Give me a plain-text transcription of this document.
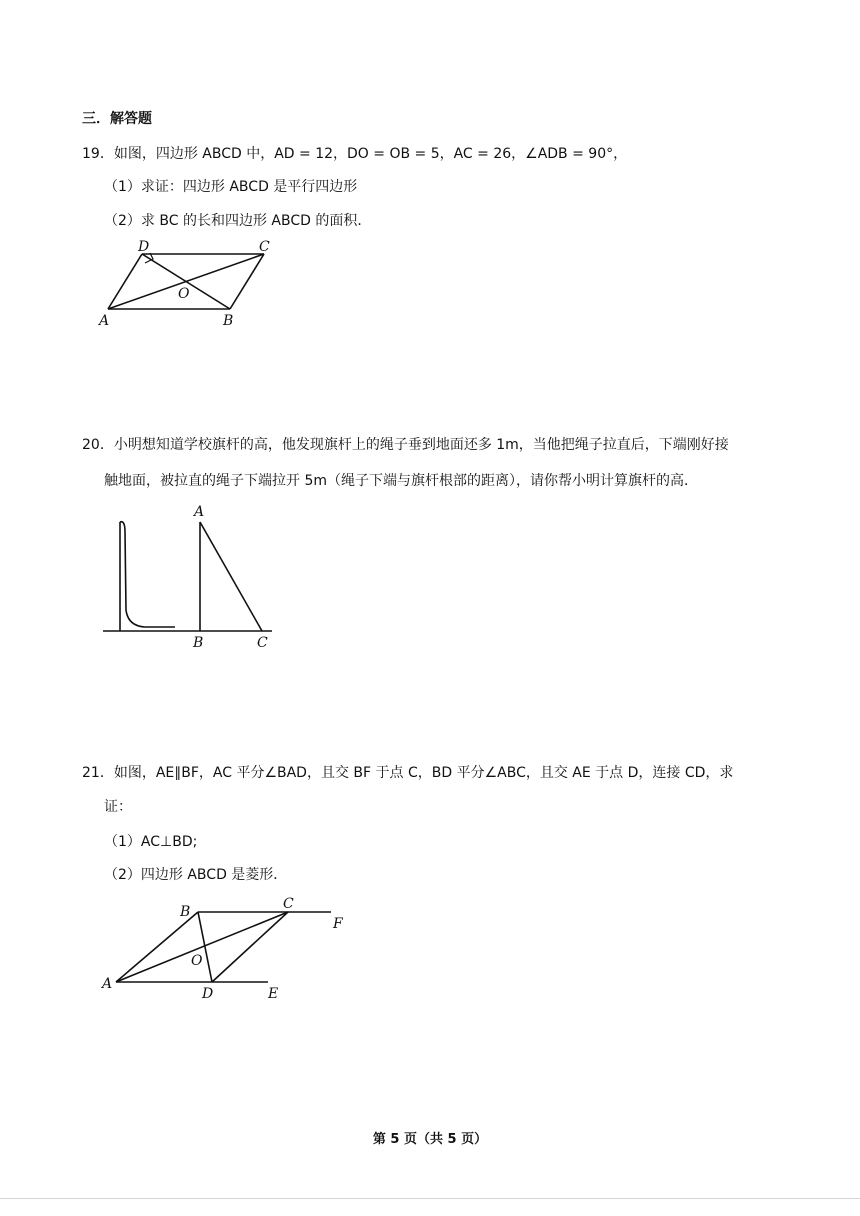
三．解答题
19．如图，四边形 ABCD 中，AD = 12，DO = OB = 5，AC = 26，∠ADB = 90°，
（1）求证：四边形 ABCD 是平行四边形
（2）求 BC 的长和四边形 ABCD 的面积．
A	B
C
D
O
20．小明想知道学校旗杆的高，他发现旗杆上的绳子垂到地面还多 1m，当他把绳子拉直后，下端刚好接
触地面，被拉直的绳子下端拉开 5m（绳子下端与旗杆根部的距离），请你帮小明计算旗杆的高．
A
B	C
21．如图，AE∥BF，AC 平分∠BAD，且交 BF 于点 C，BD 平分∠ABC，且交 AE 于点 D，连接 CD，求
证：
（1）AC⊥BD;
（2）四边形 ABCD 是菱形．
A
B	C
D	E
F
O
第 5 页（共 5 页）
